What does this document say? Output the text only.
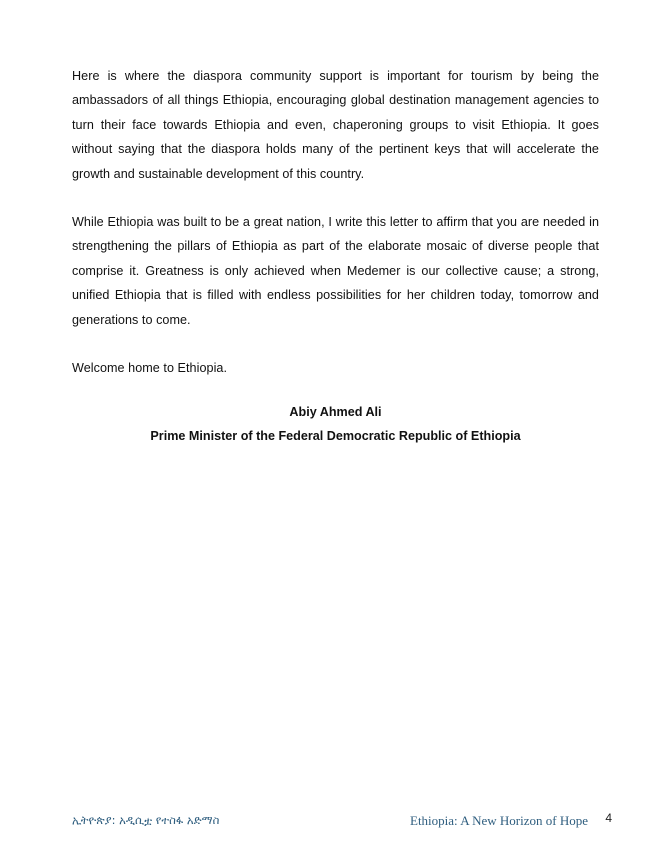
Here is where the diaspora community support is important for tourism by being the ambassadors of all things Ethiopia, encouraging global destination management agencies to turn their face towards Ethiopia and even, chaperoning groups to visit Ethiopia. It goes without saying that the diaspora holds many of the pertinent keys that will accelerate the growth and sustainable development of this country.

While Ethiopia was built to be a great nation, I write this letter to affirm that you are needed in strengthening the pillars of Ethiopia as part of the elaborate mosaic of diverse people that comprise it. Greatness is only achieved when Medemer is our collective cause; a strong, unified Ethiopia that is filled with endless possibilities for her children today, tomorrow and generations to come.

Welcome home to Ethiopia.

Abiy Ahmed Ali
Prime Minister of the Federal Democratic Republic of Ethiopia
ኢትዮጵያ: አዲሲቷ የተስፋ አድማስ	Ethiopia: A New Horizon of Hope 4
